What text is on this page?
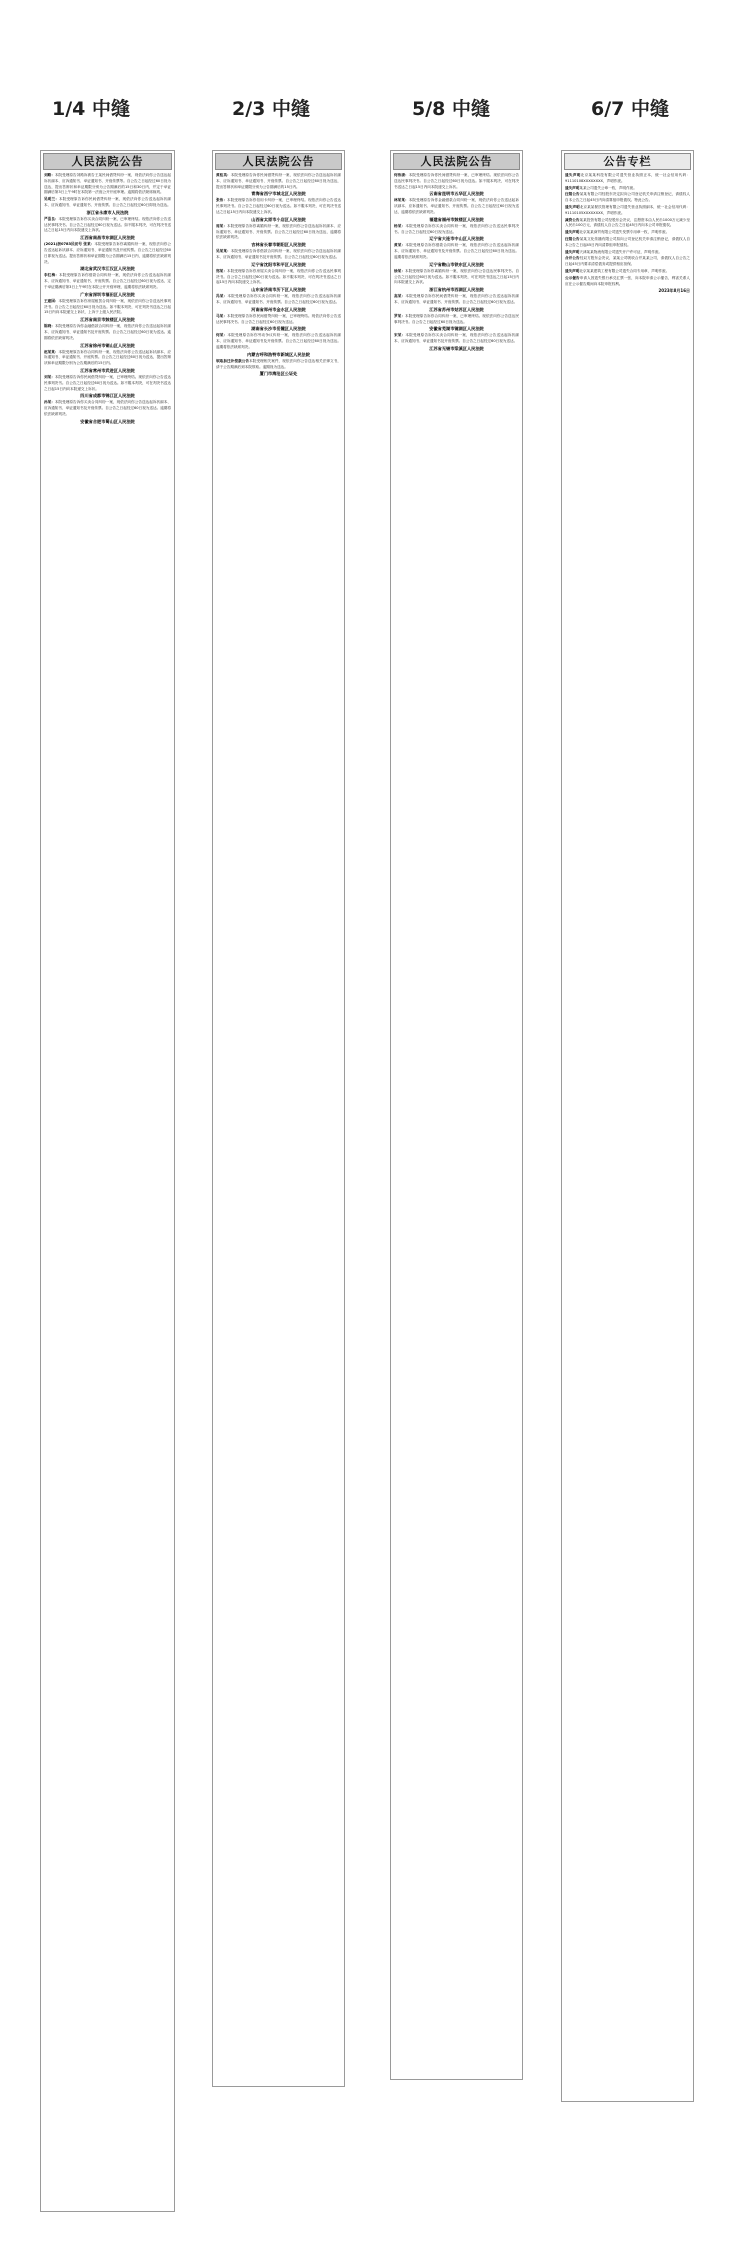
1/4 中缝	2/3 中缝	5/8 中缝	6/7 中缝
人民法院公告
刘路：本院受理原告刘路诉被告王某民间借贷纠纷一案，现依法向你公告送达起诉状副本、应诉通知书、举证通知书、开庭传票等。自公告之日起经过60日视为送达，提出答辩状和举证期限分别为公告期满后的15日和30日内，并定于举证期满后第3日上午9时在本院第一法庭公开开庭审理。逾期将依法缺席裁判。
吴明兰：本院受理原告诉你民间借贷纠纷一案，现依法向你公告送达起诉状副本、应诉通知书、举证通知书、开庭传票。自公告之日起经过60日即视为送达。
浙江省永康市人民法院
严喜良：本院受理原告诉你买卖合同纠纷一案，已审理终结。现依法向你公告送达民事判决书。自公告之日起经过60日视为送达。如不服本判决，可在判决书送达之日起15日内向本院递交上诉状。
江西省南昌市东湖区人民法院
(2021)浙0783民初号 张某：本院受理原告诉你离婚纠纷一案，现依法向你公告送达起诉状副本、应诉通知书、举证通知书及开庭传票。自公告之日起经过60日即视为送达。提出答辩状和举证期限为公告期满后15日内，逾期将依法缺席判决。
湖北省武汉市江汉区人民法院
李红梅：本院受理原告诉你借款合同纠纷一案，现依法向你公告送达起诉状副本、应诉通知书、举证通知书、开庭传票。自公告之日起经过60日视为送达，定于举证期满后第3日上午9时在本院公开开庭审理，逾期将依法缺席判决。
广东省深圳市福田区人民法院
王建国：本院受理原告诉你房屋租赁合同纠纷一案，现依法向你公告送达民事判决书。自公告之日起经过60日视为送达。如不服本判决，可在判决书送达之日起15日内向本院递交上诉状，上诉于上级人民法院。
江苏省南京市鼓楼区人民法院
陈晓：本院受理原告诉你金融借款合同纠纷一案，现依法向你公告送达起诉状副本、应诉通知书、举证通知书及开庭传票。自公告之日起经过60日视为送达。逾期将依法缺席判决。
江苏省徐州市铜山区人民法院
赵某某：本院受理原告诉你合同纠纷一案，现依法向你公告送达起诉状副本、应诉通知书、举证通知书、开庭传票。自公告之日起经过60日视为送达，提出答辩状和举证期限分别为公告期满后的15日内。
江苏省常州市武进区人民法院
刘某：本院受理原告诉你民间借贷纠纷一案，已审理终结。现依法向你公告送达民事判决书。自公告之日起经过60日视为送达。如不服本判决，可在判决书送达之日起15日内向本院递交上诉状。
四川省成都市锦江区人民法院
孙某：本院受理原告诉你买卖合同纠纷一案，现依法向你公告送达起诉状副本、应诉通知书、举证通知书及开庭传票。自公告之日起经过60日视为送达。逾期将依法缺席判决。
安徽省合肥市蜀山区人民法院
人民法院公告
黄桂英：本院受理原告诉你民间借贷纠纷一案，现依法向你公告送达起诉状副本、应诉通知书、举证通知书、开庭传票。自公告之日起经过60日视为送达，提出答辩状和举证期限分别为公告期满后的15日内。
青海省西宁市城北区人民法院
张伟：本院受理原告诉你信用卡纠纷一案，已审理终结。现依法向你公告送达民事判决书。自公告之日起经过60日视为送达。如不服本判决，可在判决书送达之日起15日内向本院递交上诉状。
山西省太原市小店区人民法院
周某：本院受理原告诉你离婚纠纷一案，现依法向你公告送达起诉状副本、应诉通知书、举证通知书、开庭传票。自公告之日起经过60日视为送达，逾期将依法缺席判决。
吉林省长春市朝阳区人民法院
吴某某：本院受理原告诉你借款合同纠纷一案，现依法向你公告送达起诉状副本、应诉通知书、举证通知书及开庭传票。自公告之日起经过60日视为送达。
辽宁省沈阳市和平区人民法院
郑某：本院受理原告诉你房屋买卖合同纠纷一案，现依法向你公告送达民事判决书。自公告之日起经过60日视为送达。如不服本判决，可在判决书送达之日起15日内向本院递交上诉状。
山东省济南市历下区人民法院
冯某：本院受理原告诉你买卖合同纠纷一案，现依法向你公告送达起诉状副本、应诉通知书、举证通知书、开庭传票。自公告之日起经过60日视为送达。
河南省郑州市金水区人民法院
马某：本院受理原告诉你民间借贷纠纷一案，已审理终结。现依法向你公告送达民事判决书。自公告之日起经过60日视为送达。
湖南省长沙市岳麓区人民法院
何某：本院受理原告诉你劳动争议纠纷一案，现依法向你公告送达起诉状副本、应诉通知书、举证通知书及开庭传票。自公告之日起经过60日视为送达。逾期将依法缺席判决。
内蒙古呼和浩特市新城区人民法院
领取拆迁补偿款公告本院受理相关案件，现依法向你公告送达相关法律文书，请于公告期满后到本院领取。逾期视为送达。
厦门市海沧区公证处
人民法院公告
何伟康：本院受理原告诉你民间借贷纠纷一案，已审理终结。现依法向你公告送达民事判决书。自公告之日起经过60日视为送达。如不服本判决，可在判决书送达之日起15日内向本院递交上诉状。
云南省昆明市五华区人民法院
林某某：本院受理原告诉你金融借款合同纠纷一案，现依法向你公告送达起诉状副本、应诉通知书、举证通知书、开庭传票。自公告之日起经过60日视为送达，逾期将依法缺席判决。
福建省福州市鼓楼区人民法院
杨某：本院受理原告诉你买卖合同纠纷一案，现依法向你公告送达民事判决书。自公告之日起经过60日视为送达。
辽宁省大连市中山区人民法院
黄某：本院受理原告诉你借款合同纠纷一案，现依法向你公告送达起诉状副本、应诉通知书、举证通知书及开庭传票。自公告之日起经过60日视为送达。逾期将依法缺席判决。
辽宁省鞍山市铁东区人民法院
徐某：本院受理原告诉你离婚纠纷一案，现依法向你公告送达民事判决书。自公告之日起经过60日视为送达。如不服本判决，可在判决书送达之日起15日内向本院递交上诉状。
浙江省杭州市西湖区人民法院
高某：本院受理原告诉你民间借贷纠纷一案，现依法向你公告送达起诉状副本、应诉通知书、举证通知书、开庭传票。自公告之日起经过60日视为送达。
江苏省苏州市姑苏区人民法院
罗某：本院受理原告诉你合同纠纷一案，已审理终结。现依法向你公告送达民事判决书。自公告之日起经过60日视为送达。
安徽省芜湖市镜湖区人民法院
宋某：本院受理原告诉你买卖合同纠纷一案，现依法向你公告送达起诉状副本、应诉通知书、举证通知书及开庭传票。自公告之日起经过60日视为送达。
江苏省无锡市梁溪区人民法院
公告专栏
遗失声明北京某某科技有限公司遗失营业执照正本，统一社会信用代码：91110108XXXXXXXX，声明作废。
遗失声明某某公司遗失公章一枚，声明作废。
注销公告某某有限公司经股东决定拟向公司登记机关申请注销登记，请债权人自本公告之日起45日内向清算组申报债权。特此公告。
遗失声明北京某某餐饮管理有限公司遗失营业执照副本，统一社会信用代码：91110105XXXXXXXX，声明作废。
减资公告某某投资有限公司经股东会决议，注册资本由人民币1000万元减少至人民币100万元，请债权人自公告之日起45日内向本公司申报债权。
遗失声明北京某某商贸有限公司遗失发票专用章一枚，声明作废。
注销公告某某文化传播有限公司拟向公司登记机关申请注销登记，请债权人自本公告之日起45日内向清算组申报债权。
遗失声明天津某某物流有限公司遗失开户许可证，声明作废。
合并公告经双方股东会决议，某某公司吸收合并某某公司，请债权人自公告之日起45日内要求清偿债务或提供相应担保。
遗失声明北京某某建筑工程有限公司遗失合同专用章，声明作废。
公示催告申请人因遗失银行承兑汇票一张，向本院申请公示催告，利害关系人应在公示催告期间向本院申报权利。
2023年8月16日
